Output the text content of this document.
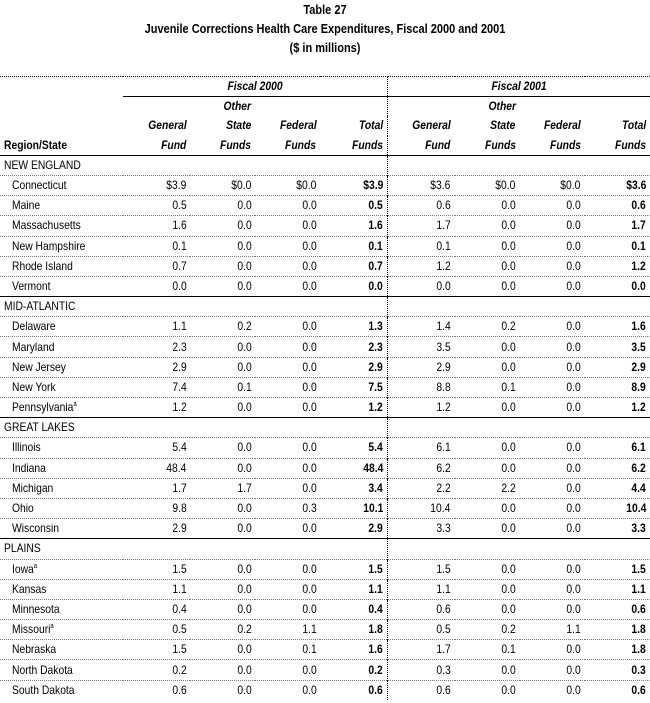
Table 27
Juvenile Corrections Health Care Expenditures, Fiscal 2000 and 2001
($ in millions)
	Fiscal 2000				Fiscal 2001			
		Other				Other		
	General	State	Federal	Total	General	State	Federal	Total
Region/State	Fund	Funds	Funds	Funds	Fund	Funds	Funds	Funds
NEW ENGLAND								
Connecticut	$3.9	$0.0	$0.0	$3.9	$3.6	$0.0	$0.0	$3.6
Maine	0.5	0.0	0.0	0.5	0.6	0.0	0.0	0.6
Massachusetts	1.6	0.0	0.0	1.6	1.7	0.0	0.0	1.7
New Hampshire	0.1	0.0	0.0	0.1	0.1	0.0	0.0	0.1
Rhode Island	0.7	0.0	0.0	0.7	1.2	0.0	0.0	1.2
Vermont	0.0	0.0	0.0	0.0	0.0	0.0	0.0	0.0
MID-ATLANTIC								
Delaware	1.1	0.2	0.0	1.3	1.4	0.2	0.0	1.6
Maryland	2.3	0.0	0.0	2.3	3.5	0.0	0.0	3.5
New Jersey	2.9	0.0	0.0	2.9	2.9	0.0	0.0	2.9
New York	7.4	0.1	0.0	7.5	8.8	0.1	0.0	8.9
Pennsylvania$^a$	1.2	0.0	0.0	1.2	1.2	0.0	0.0	1.2
GREAT LAKES								
Illinois	5.4	0.0	0.0	5.4	6.1	0.0	0.0	6.1
Indiana	48.4	0.0	0.0	48.4	6.2	0.0	0.0	6.2
Michigan	1.7	1.7	0.0	3.4	2.2	2.2	0.0	4.4
Ohio	9.8	0.0	0.3	10.1	10.4	0.0	0.0	10.4
Wisconsin	2.9	0.0	0.0	2.9	3.3	0.0	0.0	3.3
PLAINS								
Iowa$^a$	1.5	0.0	0.0	1.5	1.5	0.0	0.0	1.5
Kansas	1.1	0.0	0.0	1.1	1.1	0.0	0.0	1.1
Minnesota	0.4	0.0	0.0	0.4	0.6	0.0	0.0	0.6
Missouri$^a$	0.5	0.2	1.1	1.8	0.5	0.2	1.1	1.8
Nebraska	1.5	0.0	0.1	1.6	1.7	0.1	0.0	1.8
North Dakota	0.2	0.0	0.0	0.2	0.3	0.0	0.0	0.3
South Dakota	0.6	0.0	0.0	0.6	0.6	0.0	0.0	0.6
